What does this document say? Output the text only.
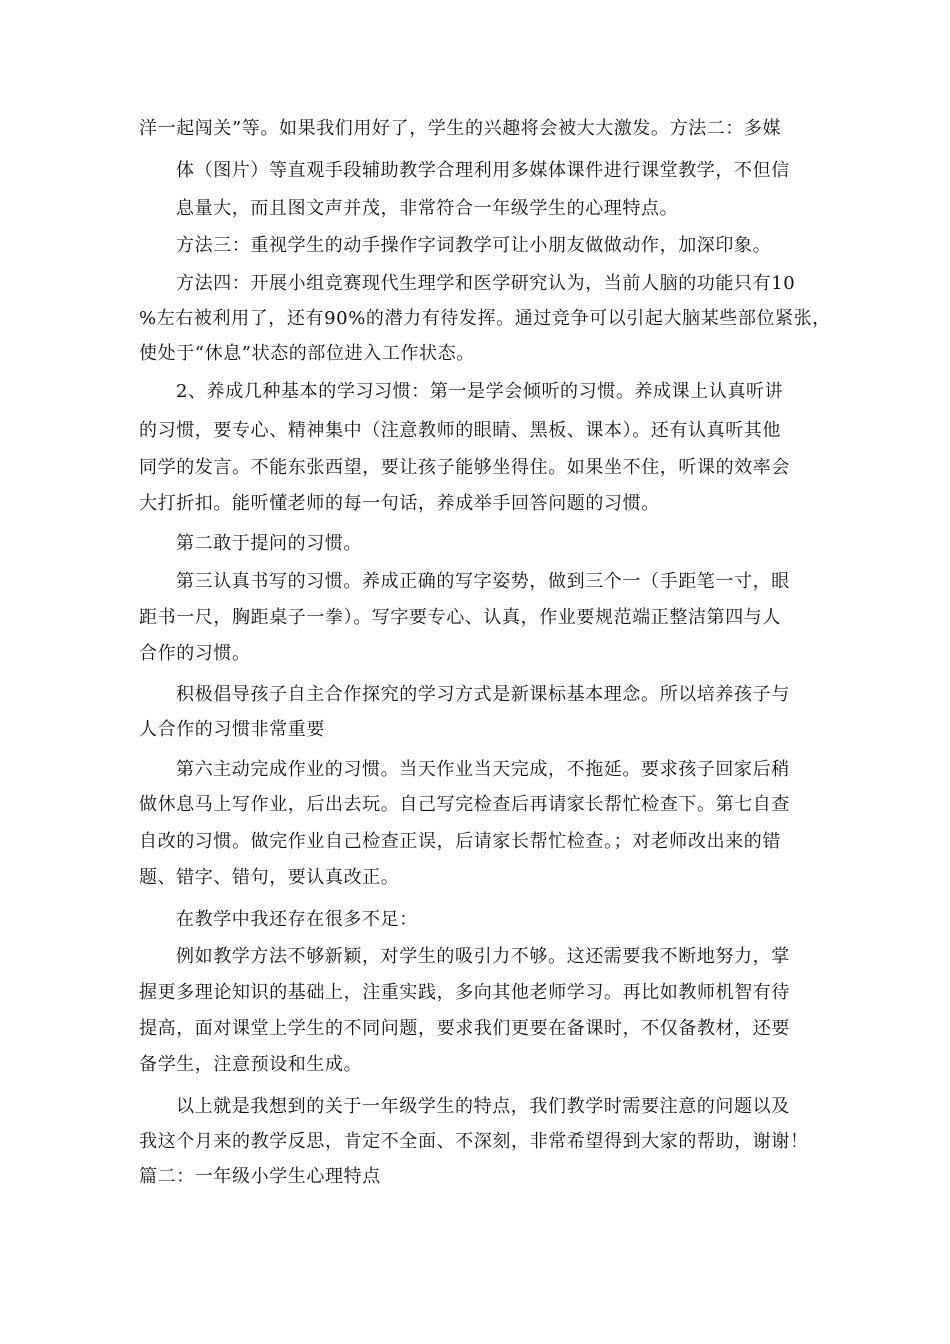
洋一起闯关”等。如果我们用好了，学生的兴趣将会被大大激发。方法二：多媒
体（图片）等直观手段辅助教学合理利用多媒体课件进行课堂教学，不但信
息量大，而且图文声并茂，非常符合一年级学生的心理特点。
方法三：重视学生的动手操作字词教学可让小朋友做做动作，加深印象。
方法四：开展小组竞赛现代生理学和医学研究认为，当前人脑的功能只有10
%左右被利用了，还有90%的潜力有待发挥。通过竞争可以引起大脑某些部位紧张，
使处于“休息”状态的部位进入工作状态。
2、养成几种基本的学习习惯：第一是学会倾听的习惯。养成课上认真听讲
的习惯，要专心、精神集中（注意教师的眼睛、黑板、课本）。还有认真听其他
同学的发言。不能东张西望，要让孩子能够坐得住。如果坐不住，听课的效率会
大打折扣。能听懂老师的每一句话，养成举手回答问题的习惯。
第二敢于提问的习惯。
第三认真书写的习惯。养成正确的写字姿势，做到三个一（手距笔一寸，眼
距书一尺，胸距桌子一拳）。写字要专心、认真，作业要规范端正整洁第四与人
合作的习惯。
积极倡导孩子自主合作探究的学习方式是新课标基本理念。所以培养孩子与
人合作的习惯非常重要
第六主动完成作业的习惯。当天作业当天完成，不拖延。要求孩子回家后稍
做休息马上写作业，后出去玩。自己写完检查后再请家长帮忙检查下。第七自查
自改的习惯。做完作业自己检查正误，后请家长帮忙检查。；对老师改出来的错
题、错字、错句，要认真改正。
在教学中我还存在很多不足：
例如教学方法不够新颖，对学生的吸引力不够。这还需要我不断地努力，掌
握更多理论知识的基础上，注重实践，多向其他老师学习。再比如教师机智有待
提高，面对课堂上学生的不同问题，要求我们更要在备课时，不仅备教材，还要
备学生，注意预设和生成。
以上就是我想到的关于一年级学生的特点，我们教学时需要注意的问题以及
我这个月来的教学反思，肯定不全面、不深刻，非常希望得到大家的帮助，谢谢！
篇二：一年级小学生心理特点
